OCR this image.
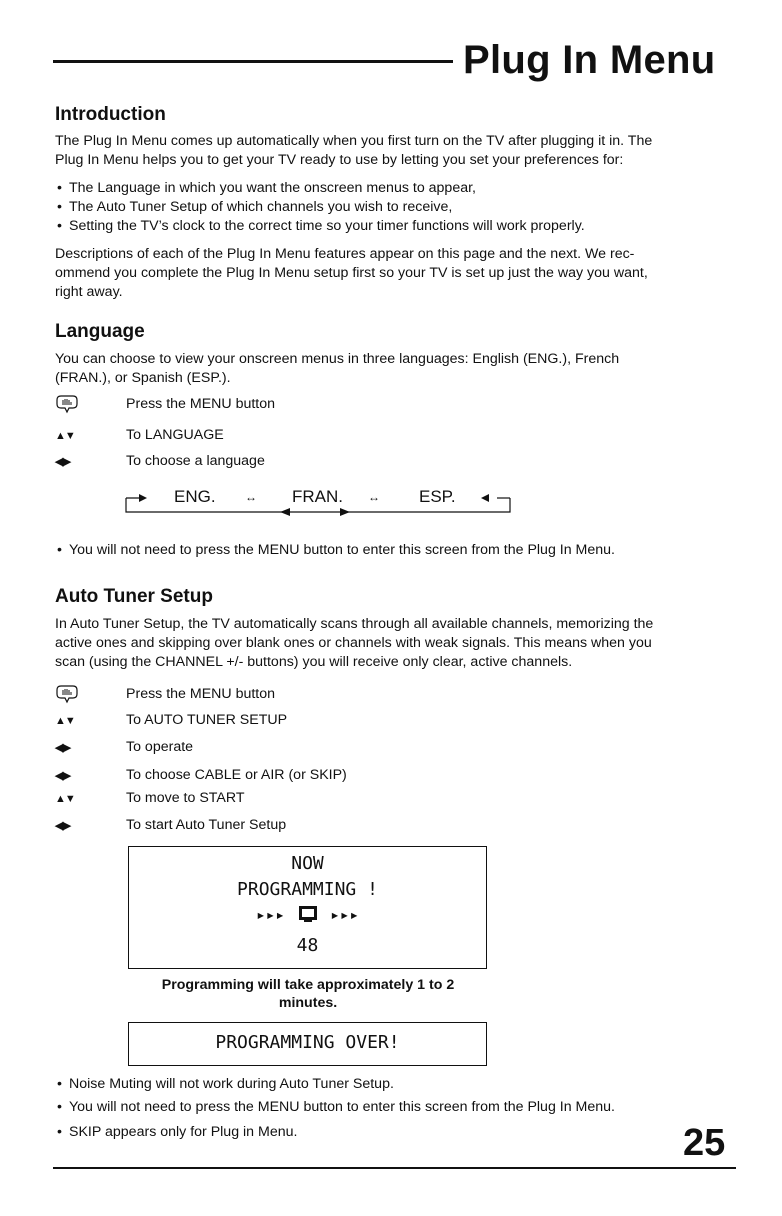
Plug In Menu
Introduction

The Plug In Menu comes up automatically when you first turn on the TV after plugging it in. The

Plug In Menu helps you to get your TV ready to use by letting you set your preferences for:

• The Language in which you want the onscreen menus to appear,
• The Auto Tuner Setup of which channels you wish to receive,
• Setting the TV’s clock to the correct time so your timer functions will work properly.

Descriptions of each of the Plug In Menu features appear on this page and the next. We rec-

ommend you complete the Plug In Menu setup first so your TV is set up just the way you want,

right away.

Language

You can choose to view your onscreen menus in three languages: English (ENG.), French

(FRAN.), or Spanish (ESP.).

Press the MENU button
▲▼	To LANGUAGE
◀▶	To choose a language
ENG. ↔ FRAN. ↔ ESP.
• You will not need to press the MENU button to enter this screen from the Plug In Menu.
Auto Tuner Setup

In Auto Tuner Setup, the TV automatically scans through all available channels, memorizing the

active ones and skipping over blank ones or channels with weak signals. This means when you

scan (using the CHANNEL +/- buttons) you will receive only clear, active channels.

Press the MENU button
▲▼	To AUTO TUNER SETUP
◀▶	To operate
◀▶	To choose CABLE or AIR (or SKIP)
▲▼	To move to START
◀▶	To start Auto Tuner Setup
NOW
PROGRAMMING !
▸▸▸	▸▸▸
48

Programming will take approximately 1 to 2

minutes.

PROGRAMMING OVER!
• Noise Muting will not work during Auto Tuner Setup.
• You will not need to press the MENU button to enter this screen from the Plug In Menu.
• SKIP appears only for Plug in Menu.	25
